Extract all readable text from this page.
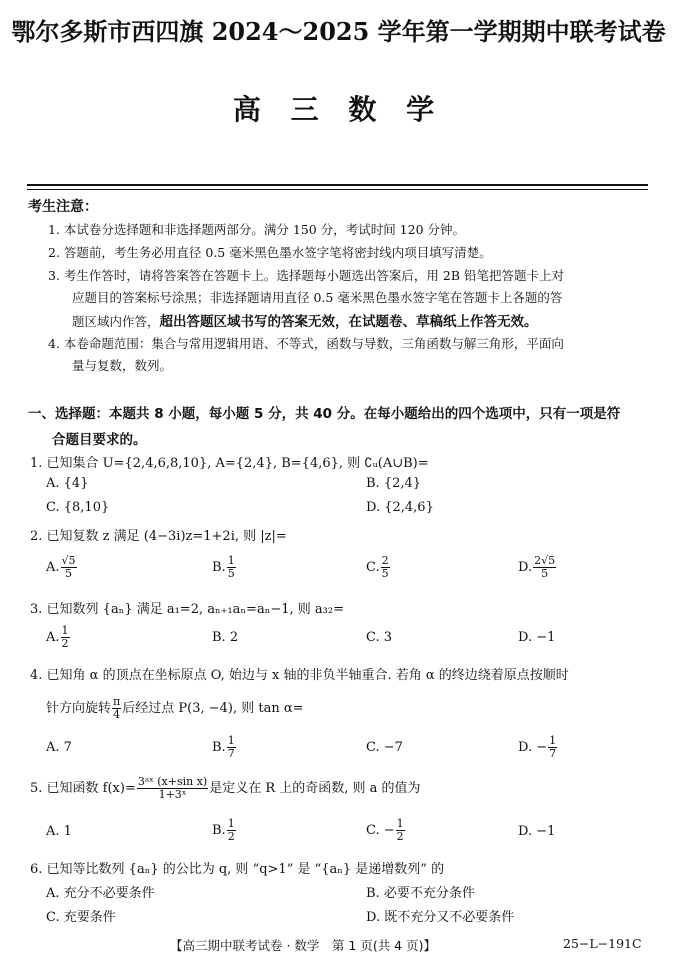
鄂尔多斯市西四旗 2024～2025 学年第一学期期中联考试卷
高 三 数 学
考生注意：
1. 本试卷分选择题和非选择题两部分。满分 150 分，考试时间 120 分钟。
2. 答题前，考生务必用直径 0.5 毫米黑色墨水签字笔将密封线内项目填写清楚。
3. 考生作答时，请将答案答在答题卡上。选择题每小题选出答案后，用 2B 铅笔把答题卡上对
应题目的答案标号涂黑；非选择题请用直径 0.5 毫米黑色墨水签字笔在答题卡上各题的答
题区域内作答，超出答题区域书写的答案无效，在试题卷、草稿纸上作答无效。
4. 本卷命题范围：集合与常用逻辑用语、不等式，函数与导数，三角函数与解三角形，平面向
量与复数，数列。
一、选择题：本题共 8 小题，每小题 5 分，共 40 分。在每小题给出的四个选项中，只有一项是符
合题目要求的。
1. 已知集合 U={2,4,6,8,10}, A={2,4}, B={4,6}, 则 ∁ᵤ(A∪B)=
A. {4}	B. {2,4}
C. {8,10}	D. {2,4,6}
2. 已知复数 z 满足 (4−3i)z=1+2i, 则 |z|=
A. $\frac{√5}{5}$	B. $\frac{1}{5}$	C. $\frac{2}{5}$	D. $\frac{2√5}{5}$
3. 已知数列 {aₙ} 满足 a₁=2, aₙ₊₁aₙ=aₙ−1, 则 a₃₂=
A. $\frac{1}{2}$	B. 2	C. 3	D. −1
4. 已知角 α 的顶点在坐标原点 O, 始边与 x 轴的非负半轴重合. 若角 α 的终边绕着原点按顺时
针方向旋转 $\frac{\pi}{4}$ 后经过点 P(3, −4), 则 tan α=
A. 7	B. $\frac{1}{7}$	C. −7	D. − $\frac{1}{7}$
5. 已知函数 $f(x)= \frac{\text{3ᵃˣ (x+sin x)}}{\text{1+3ˣ}}$ 是定义在 R 上的奇函数, 则 a 的值为
A. 1	B. $\frac{1}{2}$	C. − $\frac{1}{2}$	D. −1
6. 已知等比数列 {aₙ} 的公比为 q, 则 “q>1” 是 “{aₙ} 是递增数列” 的
A. 充分不必要条件	B. 必要不充分条件
C. 充要条件	D. 既不充分又不必要条件
【高三期中联考试卷 · 数学　第 1 页(共 4 页)】	25−L−191C
